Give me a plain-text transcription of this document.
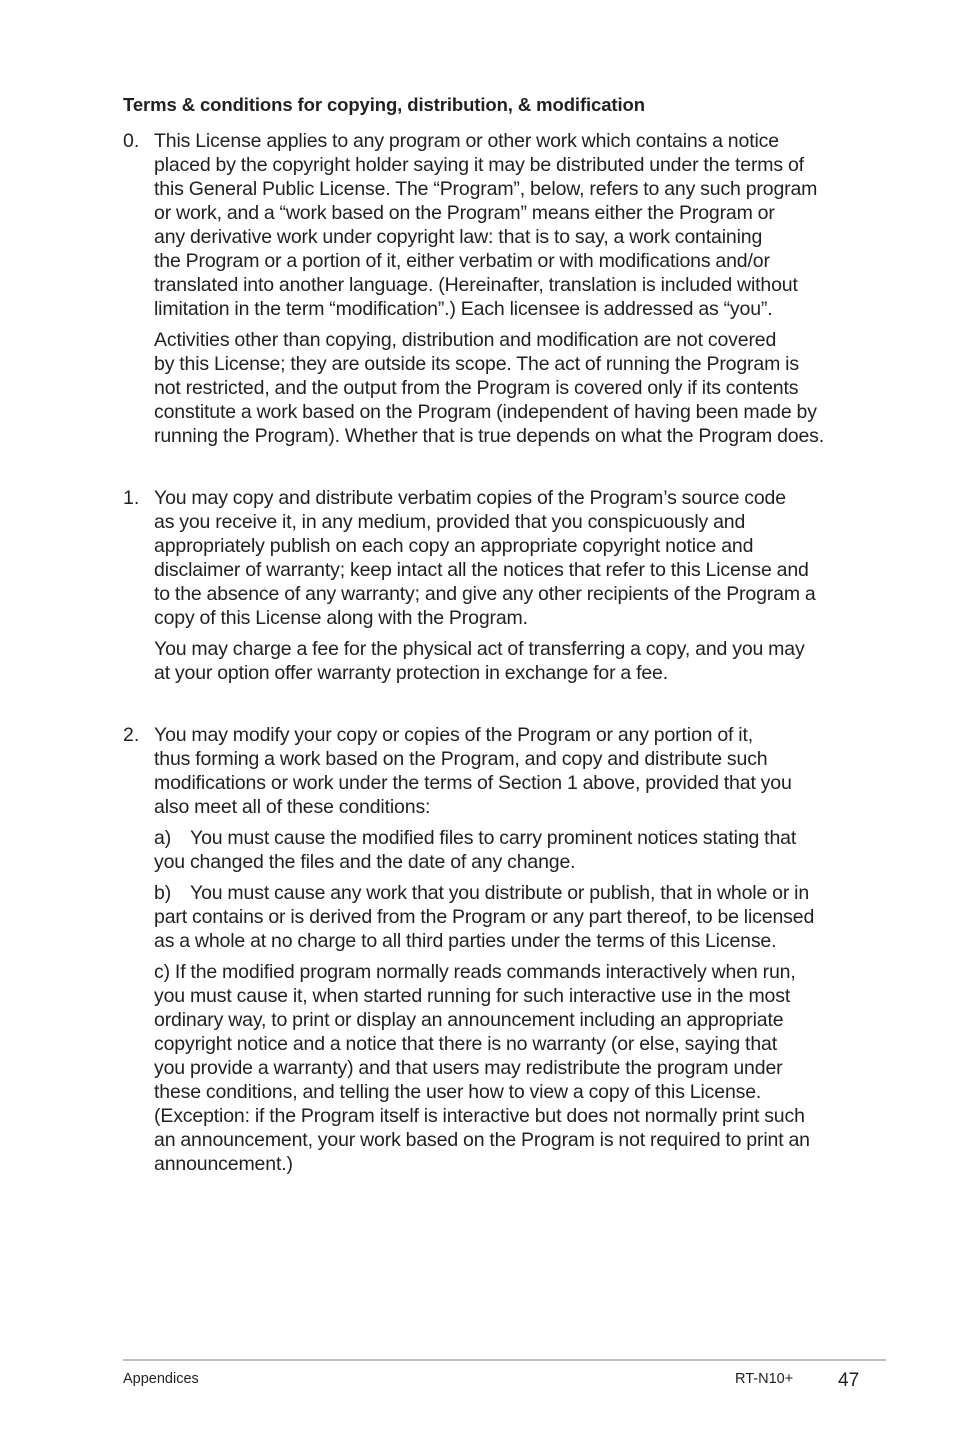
Terms & conditions for copying, distribution, & modification
0. This License applies to any program or other work which contains a notice
placed by the copyright holder saying it may be distributed under the terms of
this General Public License. The “Program”, below, refers to any such program
or work, and a “work based on the Program” means either the Program or
any derivative work under copyright law: that is to say, a work containing
the Program or a portion of it, either verbatim or with modifications and/or
translated into another language. (Hereinafter, translation is included without
limitation in the term “modification”.) Each licensee is addressed as “you”.

Activities other than copying, distribution and modification are not covered
by this License; they are outside its scope. The act of running the Program is
not restricted, and the output from the Program is covered only if its contents
constitute a work based on the Program (independent of having been made by
running the Program). Whether that is true depends on what the Program does.

1. You may copy and distribute verbatim copies of the Program’s source code
as you receive it, in any medium, provided that you conspicuously and
appropriately publish on each copy an appropriate copyright notice and
disclaimer of warranty; keep intact all the notices that refer to this License and
to the absence of any warranty; and give any other recipients of the Program a
copy of this License along with the Program.

You may charge a fee for the physical act of transferring a copy, and you may
at your option offer warranty protection in exchange for a fee.

2. You may modify your copy or copies of the Program or any portion of it,
thus forming a work based on the Program, and copy and distribute such
modifications or work under the terms of Section 1 above, provided that you
also meet all of these conditions:

a) You must cause the modified files to carry prominent notices stating that
you changed the files and the date of any change.

b) You must cause any work that you distribute or publish, that in whole or in
part contains or is derived from the Program or any part thereof, to be licensed
as a whole at no charge to all third parties under the terms of this License.

c) If the modified program normally reads commands interactively when run,
you must cause it, when started running for such interactive use in the most
ordinary way, to print or display an announcement including an appropriate
copyright notice and a notice that there is no warranty (or else, saying that
you provide a warranty) and that users may redistribute the program under
these conditions, and telling the user how to view a copy of this License.
(Exception: if the Program itself is interactive but does not normally print such
an announcement, your work based on the Program is not required to print an
announcement.)

Appendices	RT-N10+ 47
